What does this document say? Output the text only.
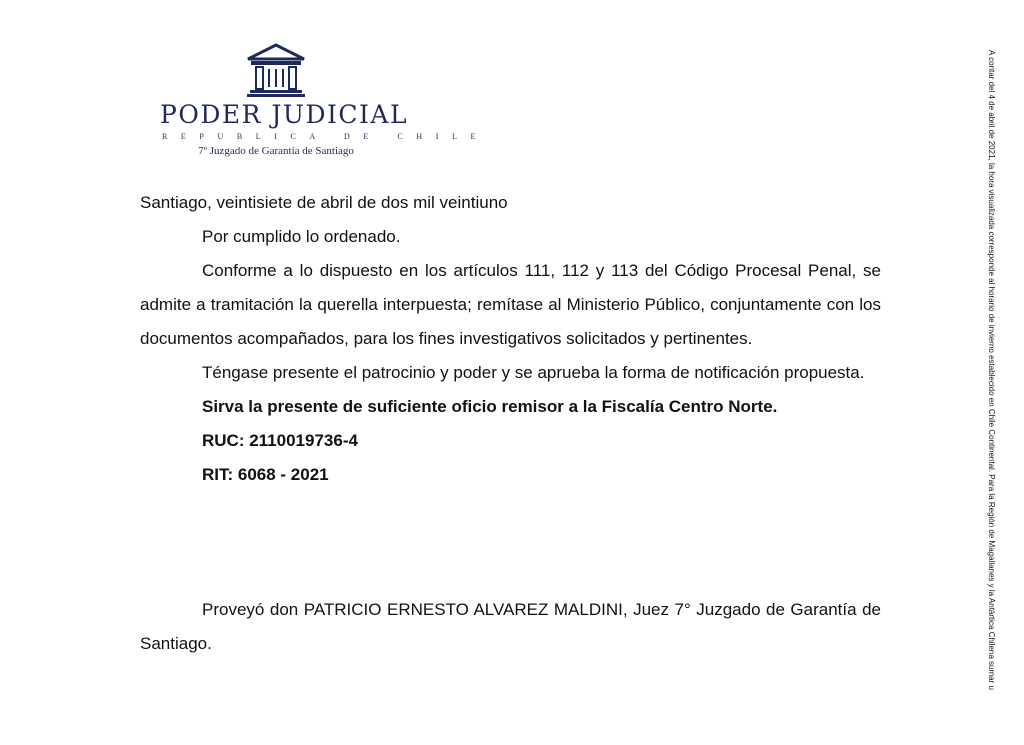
PODER JUDICIAL
REPUBLICA DE CHILE
7º Juzgado de Garantía de Santiago

Santiago, veintisiete de abril de dos mil veintiuno

Por cumplido lo ordenado.

Conforme a lo dispuesto en los artículos 111, 112 y 113 del Código Procesal Penal, se admite a tramitación la querella interpuesta; remítase al Ministerio Público, conjuntamente con los documentos acompañados, para los fines investigativos solicitados y pertinentes.

Téngase presente el patrocinio y poder y se aprueba la forma de notificación propuesta.

Sirva la presente de suficiente oficio remisor a la Fiscalía Centro Norte.

RUC: 2110019736-4

RIT: 6068 - 2021

Proveyó don PATRICIO ERNESTO ALVAREZ MALDINI, Juez 7° Juzgado de Garantía de Santiago.	A contar del 4 de abril de 2021, la hora visualizada corresponde al horario de invierno establecido en Chile Continental. Para la Región de Magallanes y la Antártica Chilena sumar u
